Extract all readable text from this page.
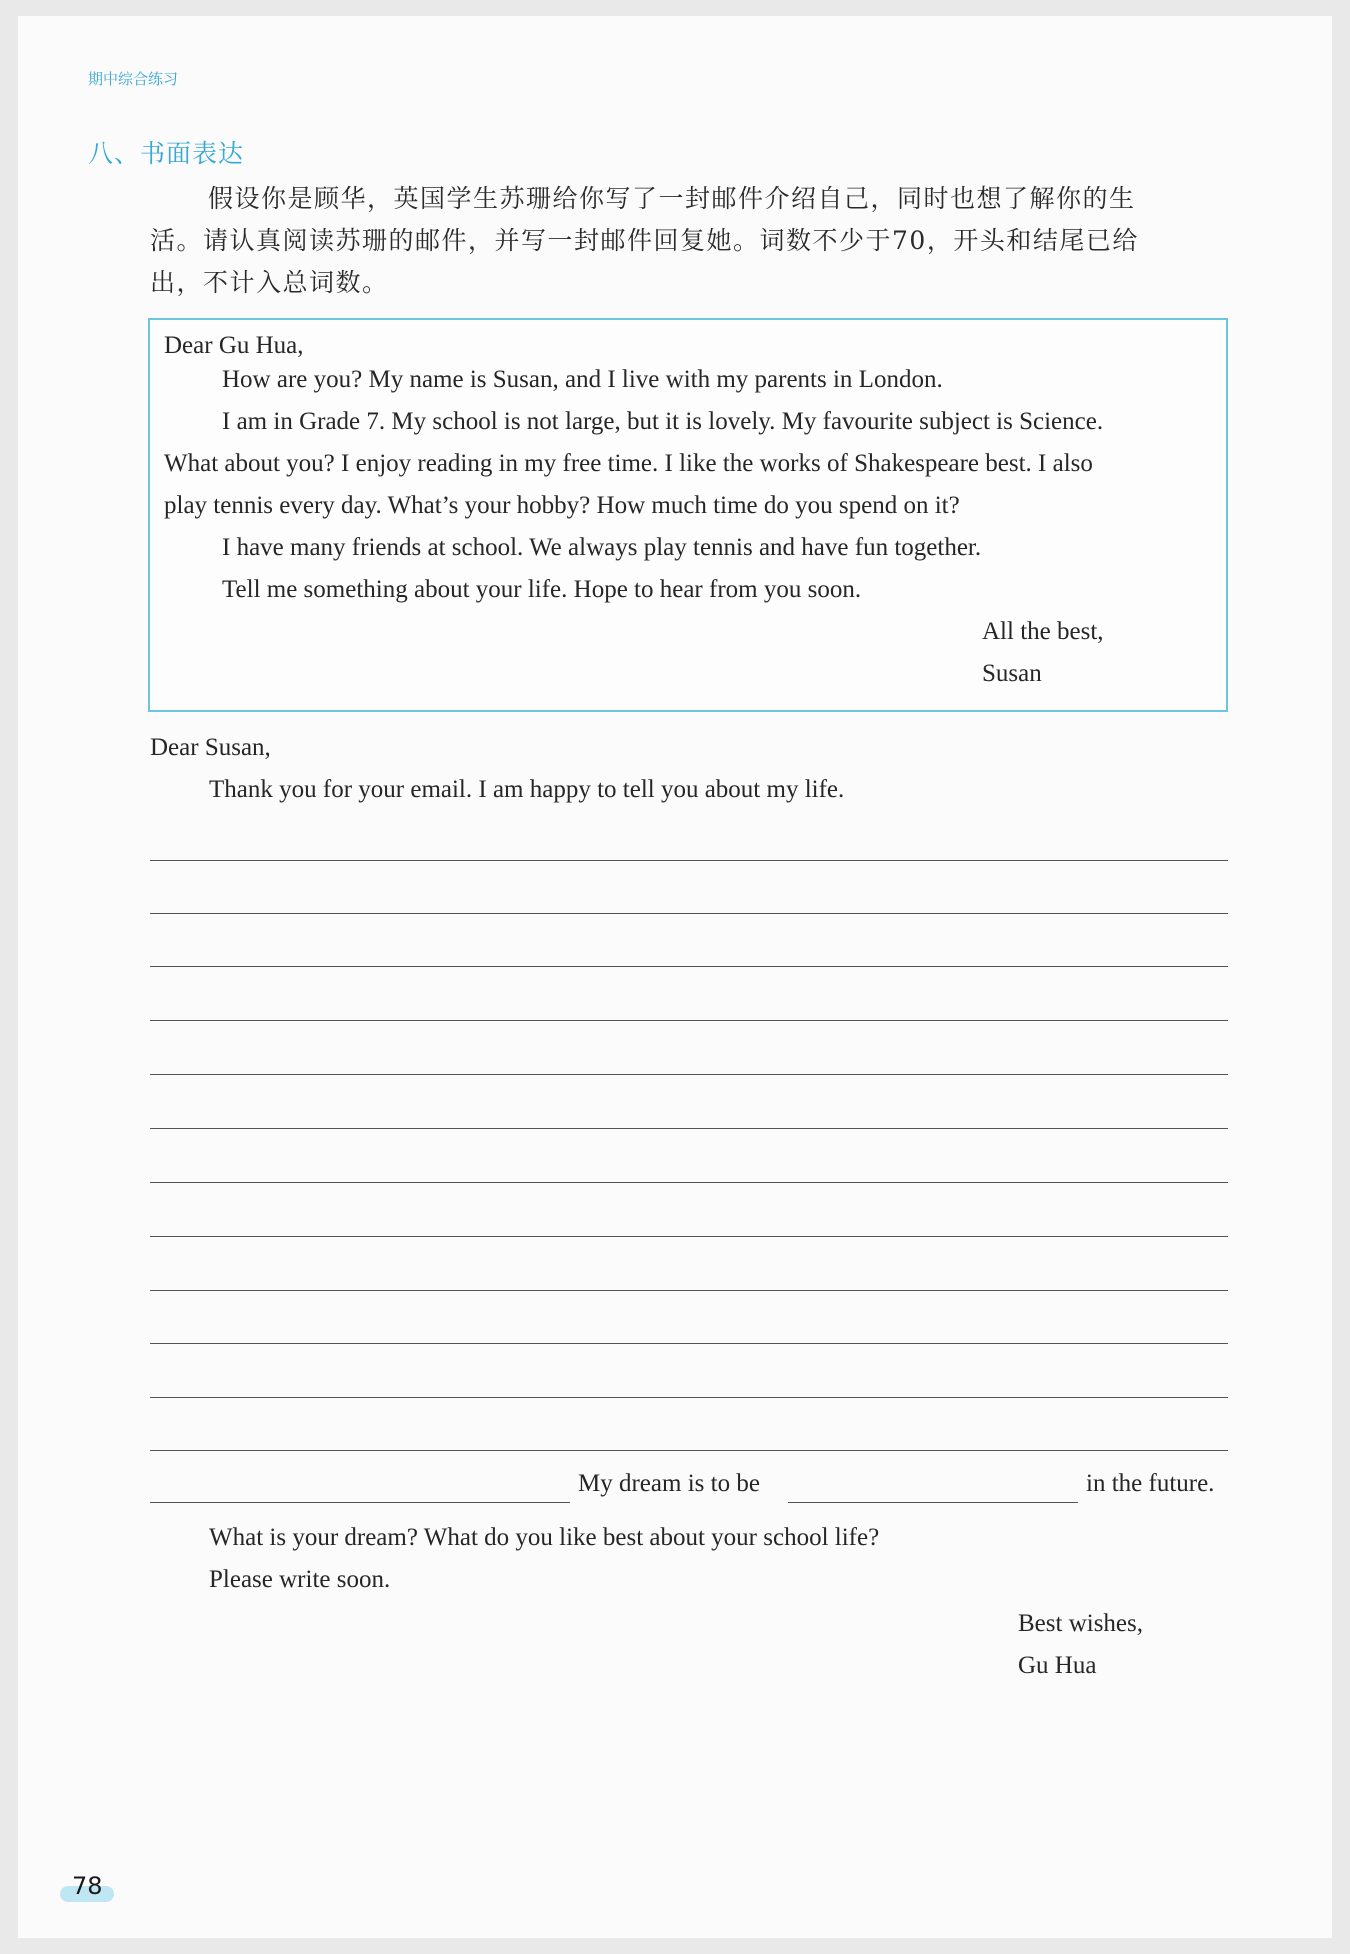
期中综合练习
八、书面表达
假设你是顾华，英国学生苏珊给你写了一封邮件介绍自己，同时也想了解你的生
活。请认真阅读苏珊的邮件，并写一封邮件回复她。词数不少于70，开头和结尾已给
出，不计入总词数。
Dear Gu Hua,
How are you? My name is Susan, and I live with my parents in London.
I am in Grade 7. My school is not large, but it is lovely. My favourite subject is Science.
What about you? I enjoy reading in my free time. I like the works of Shakespeare best. I also
play tennis every day. What’s your hobby? How much time do you spend on it?
I have many friends at school. We always play tennis and have fun together.
Tell me something about your life. Hope to hear from you soon.
All the best,
Susan
Dear Susan,
Thank you for your email. I am happy to tell you about my life.
My dream is to be	in the future.
What is your dream? What do you like best about your school life?
Please write soon.
Best wishes,
Gu Hua
78
